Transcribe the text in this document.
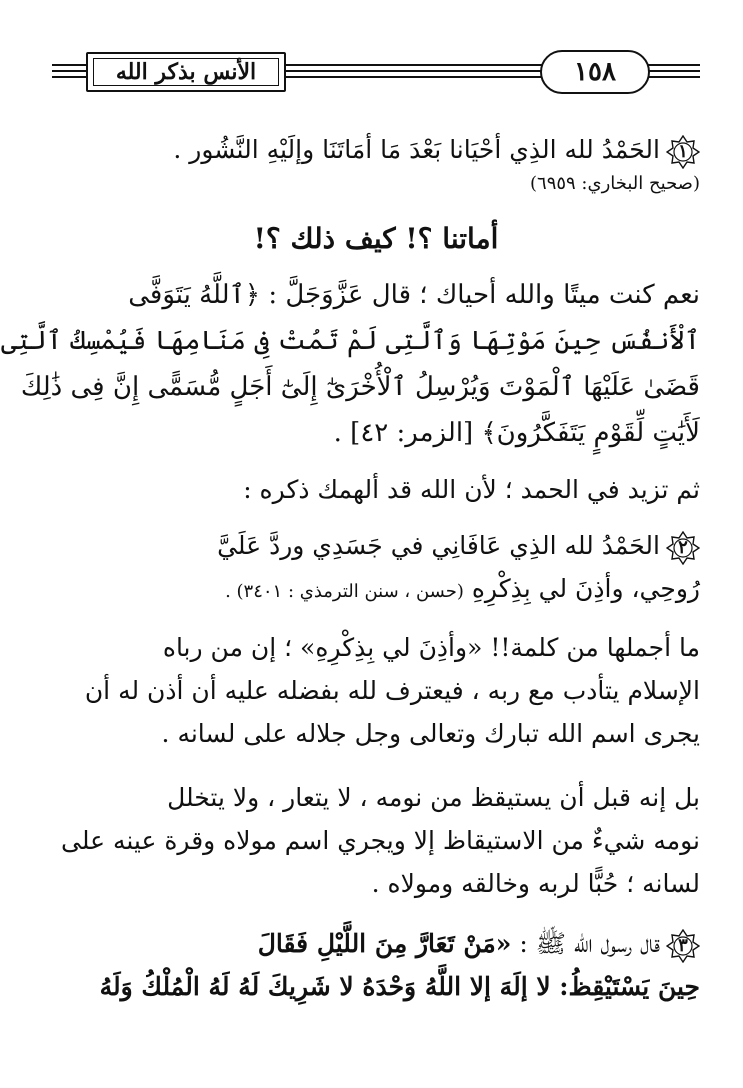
الأنس بذكر الله	١٥٨
١
الحَمْدُ لله الذِي أحْيَانا بَعْدَ مَا أمَاتَنَا وإلَيْهِ النَّشُور .
(صحيح البخاري: ٦٩٥٩)
أماتنا ؟! كيف ذلك ؟!
نعم كنت ميتًا والله أحياك ؛ قال عَزَّوَجَلَّ : ﴿ٱللَّهُ يَتَوَفَّى
ٱلْأَنفُسَ حِينَ مَوْتِهَا وَٱلَّتِى لَمْ تَمُتْ فِى مَنَامِهَا فَيُمْسِكُ ٱلَّتِى
قَضَىٰ عَلَيْهَا ٱلْمَوْتَ وَيُرْسِلُ ٱلْأُخْرَىٰٓ إِلَىٰٓ أَجَلٍ مُّسَمًّى إِنَّ فِى ذَٰلِكَ
لَأَيَٰتٍ لِّقَوْمٍ يَتَفَكَّرُونَ﴾ [الزمر: ٤٢] .
ثم تزيد في الحمد ؛ لأن الله قد ألهمك ذكره :
٢
الحَمْدُ لله الذِي عَافَانِي في جَسَدِي وردَّ عَلَيَّ
رُوحِي، وأذِنَ لي بِذِكْرِهِ (حسن ، سنن الترمذي : ٣٤٠١) .
ما أجملها من كلمة!! «وأذِنَ لي بِذِكْرِهِ» ؛ إن من رباه
الإسلام يتأدب مع ربه ، فيعترف لله بفضله عليه أن أذن له أن
يجرى اسم الله تبارك وتعالى وجل جلاله على لسانه .
بل إنه قبل أن يستيقظ من نومه ، لا يتعار ، ولا يتخلل
نومه شيءٌ من الاستيقاظ إلا ويجري اسم مولاه وقرة عينه على
لسانه ؛ حُبًّا لربه وخالقه ومولاه .
٣
قال رسول الله ﷺ : «مَنْ تَعَارَّ مِنَ اللَّيْلِ فَقَالَ
حِينَ يَسْتَيْقِظُ: لا إلَهَ إلا اللَّهُ وَحْدَهُ لا شَرِيكَ لَهُ لَهُ الْمُلْكُ وَلَهُ
